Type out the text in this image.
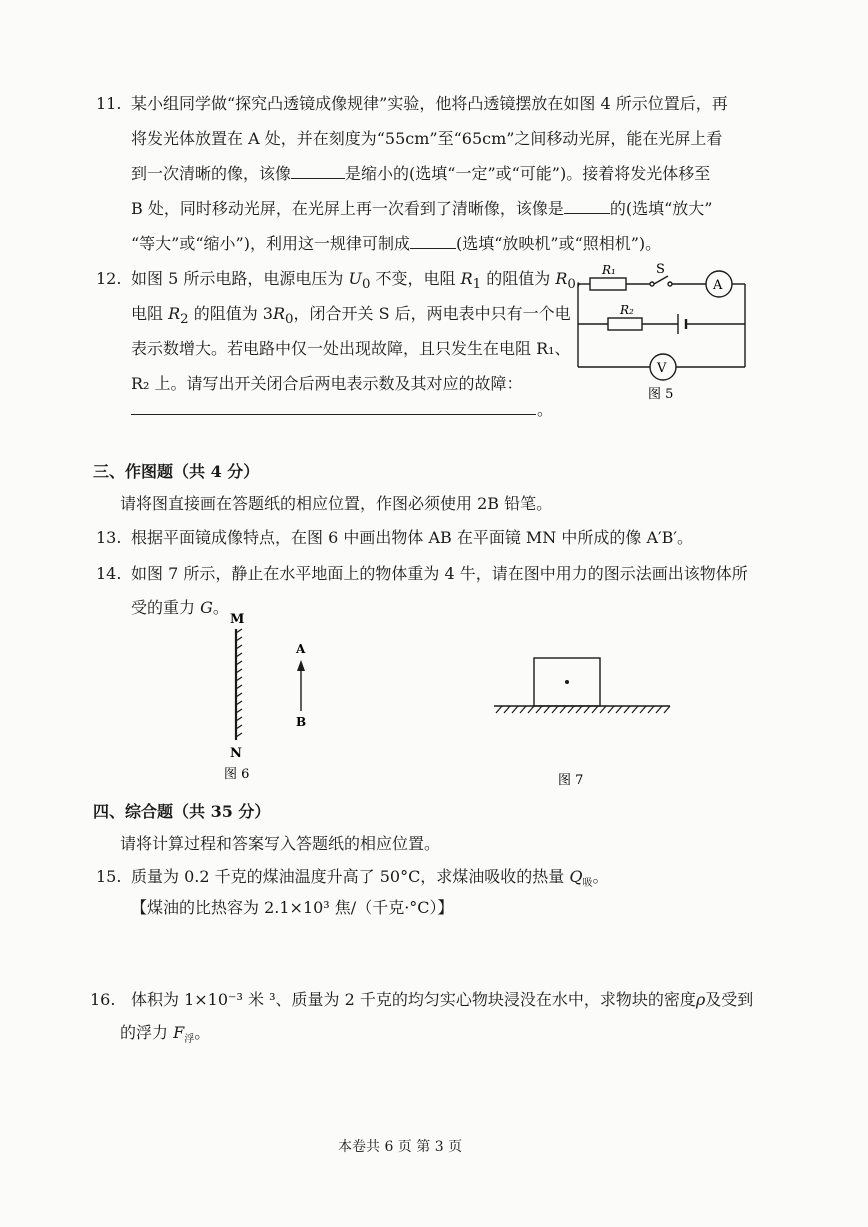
11. 某小组同学做“探究凸透镜成像规律”实验，他将凸透镜摆放在如图 4 所示位置后，再
将发光体放置在 A 处，并在刻度为“55cm”至“65cm”之间移动光屏，能在光屏上看
到一次清晰的像，该像	是缩小的(选填“一定”或“可能”)。接着将发光体移至
B 处，同时移动光屏，在光屏上再一次看到了清晰像，该像是	的(选填“放大”
“等大”或“缩小”)，利用这一规律可制成	(选填“放映机”或“照相机”)。
12. 如图 5 所示电路，电源电压为 $U_0$ 不变，电阻 $R_1$ 的阻值为 $R_0$，
电阻 $R_2$ 的阻值为 $3R_0$，闭合开关 S 后，两电表中只有一个电
表示数增大。若电路中仅一处出现故障，且只发生在电阻 R₁、
R₂ 上。请写出开关闭合后两电表示数及其对应的故障：
。
R₁	S
A
R₂
V
图 5
三、作图题（共 4 分）
请将图直接画在答题纸的相应位置，作图必须使用 2B 铅笔。
13. 根据平面镜成像特点，在图 6 中画出物体 AB 在平面镜 MN 中所成的像 A′B′。
14. 如图 7 所示，静止在水平地面上的物体重为 4 牛，请在图中用力的图示法画出该物体所
受的重力 G。
M
N
A
B
图 6	图 7
四、综合题（共 35 分）
请将计算过程和答案写入答题纸的相应位置。
15. 质量为 0.2 千克的煤油温度升高了 50°C，求煤油吸收的热量 $Q_吸$。
【煤油的比热容为 2.1×10³ 焦/（千克·°C）】
16. 体积为 1×10⁻³ 米 ³、质量为 2 千克的均匀实心物块浸没在水中，求物块的密度ρ及受到
的浮力 $F_浮$。
本卷共 6 页 第 3 页
